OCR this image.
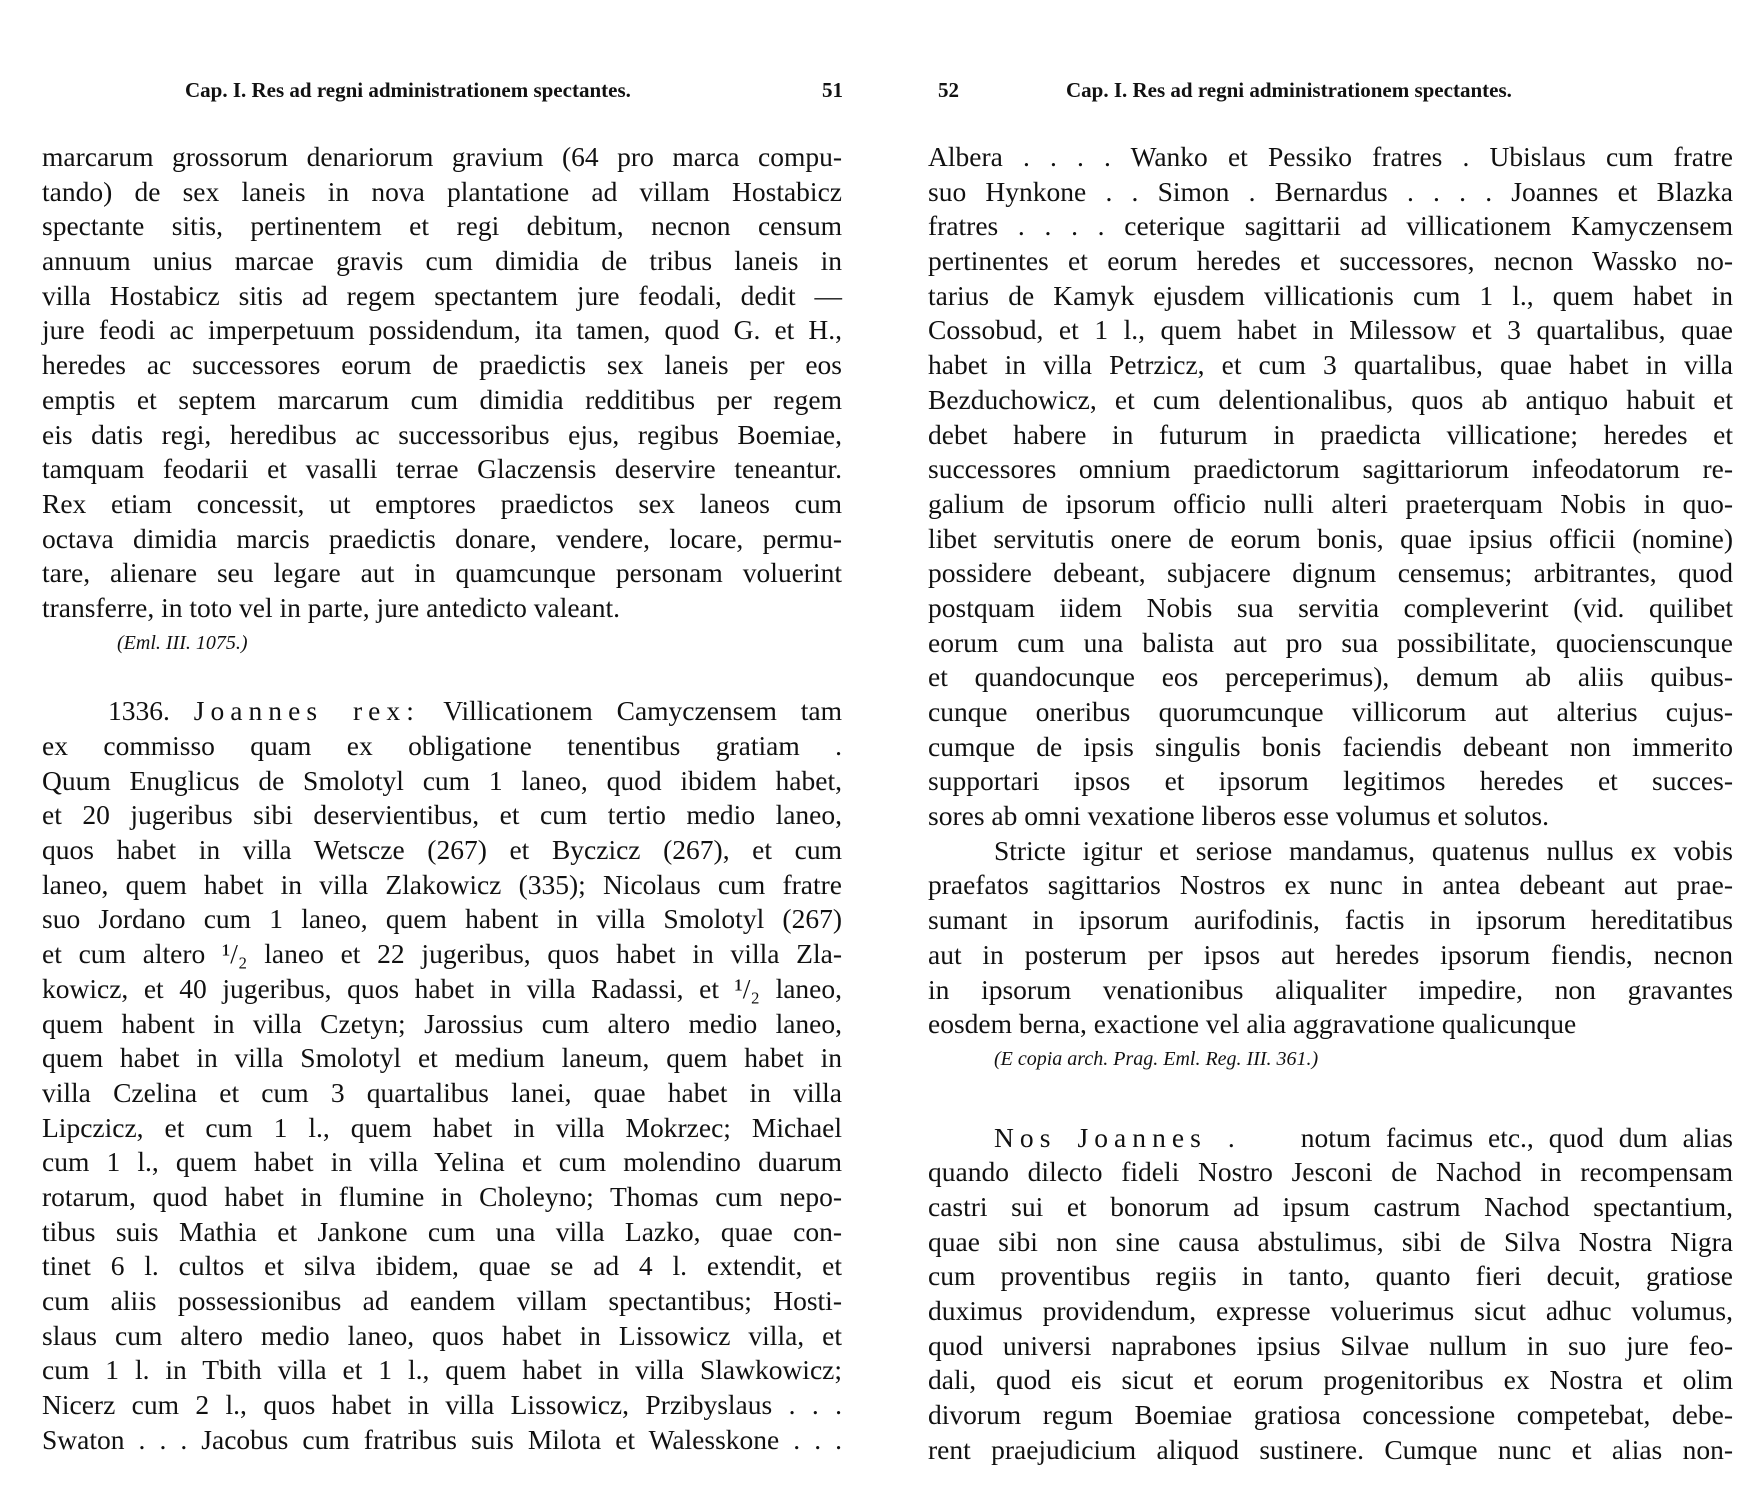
Cap. I. Res ad regni administrationem spectantes.	51
marcarum grossorum denariorum gravium (64 pro marca compu-
tando) de sex laneis in nova plantatione ad villam Hostabicz
spectante sitis, pertinentem et regi debitum, necnon censum
annuum unius marcae gravis cum dimidia de tribus laneis in
villa Hostabicz sitis ad regem spectantem jure feodali, dedit —
jure feodi ac imperpetuum possidendum, ita tamen, quod G. et H.,
heredes ac successores eorum de praedictis sex laneis per eos
emptis et septem marcarum cum dimidia redditibus per regem
eis datis regi, heredibus ac successoribus ejus, regibus Boemiae,
tamquam feodarii et vasalli terrae Glaczensis deservire teneantur.
Rex etiam concessit, ut emptores praedictos sex laneos cum
octava dimidia marcis praedictis donare, vendere, locare, permu-
tare, alienare seu legare aut in quamcunque personam voluerint
transferre, in toto vel in parte, jure antedicto valeant.
(Eml. III. 1075.)
1336. Joannes rex: Villicationem Camyczensem tam
ex commisso quam ex obligatione tenentibus gratiam .
Quum Enuglicus de Smolotyl cum 1 laneo, quod ibidem habet,
et 20 jugeribus sibi deservientibus, et cum tertio medio laneo,
quos habet in villa Wetscze (267) et Byczicz (267), et cum
laneo, quem habet in villa Zlakowicz (335); Nicolaus cum fratre
suo Jordano cum 1 laneo, quem habent in villa Smolotyl (267)
et cum altero ¹/₂ laneo et 22 jugeribus, quos habet in villa Zla-
kowicz, et 40 jugeribus, quos habet in villa Radassi, et ¹/₂ laneo,
quem habent in villa Czetyn; Jarossius cum altero medio laneo,
quem habet in villa Smolotyl et medium laneum, quem habet in
villa Czelina et cum 3 quartalibus lanei, quae habet in villa
Lipczicz, et cum 1 l., quem habet in villa Mokrzec; Michael
cum 1 l., quem habet in villa Yelina et cum molendino duarum
rotarum, quod habet in flumine in Choleyno; Thomas cum nepo-
tibus suis Mathia et Jankone cum una villa Lazko, quae con-
tinet 6 l. cultos et silva ibidem, quae se ad 4 l. extendit, et
cum aliis possessionibus ad eandem villam spectantibus; Hosti-
slaus cum altero medio laneo, quos habet in Lissowicz villa, et
cum 1 l. in Tbith villa et 1 l., quem habet in villa Slawkowicz;
Nicerz cum 2 l., quos habet in villa Lissowicz, Przibyslaus . . .
Swaton . . . Jacobus cum fratribus suis Milota et Walesskone . . .
52	Cap. I. Res ad regni administrationem spectantes.
Albera . . . . Wanko et Pessiko fratres . Ubislaus cum fratre
suo Hynkone . . Simon . Bernardus . . . . Joannes et Blazka
fratres . . . . ceterique sagittarii ad villicationem Kamyczensem
pertinentes et eorum heredes et successores, necnon Wassko no-
tarius de Kamyk ejusdem villicationis cum 1 l., quem habet in
Cossobud, et 1 l., quem habet in Milessow et 3 quartalibus, quae
habet in villa Petrzicz, et cum 3 quartalibus, quae habet in villa
Bezduchowicz, et cum delentionalibus, quos ab antiquo habuit et
debet habere in futurum in praedicta villicatione; heredes et
successores omnium praedictorum sagittariorum infeodatorum re-
galium de ipsorum officio nulli alteri praeterquam Nobis in quo-
libet servitutis onere de eorum bonis, quae ipsius officii (nomine)
possidere debeant, subjacere dignum censemus; arbitrantes, quod
postquam iidem Nobis sua servitia compleverint (vid. quilibet
eorum cum una balista aut pro sua possibilitate, quocienscunque
et quandocunque eos perceperimus), demum ab aliis quibus-
cunque oneribus quorumcunque villicorum aut alterius cujus-
cumque de ipsis singulis bonis faciendis debeant non immerito
supportari ipsos et ipsorum legitimos heredes et succes-
sores ab omni vexatione liberos esse volumus et solutos.
Stricte igitur et seriose mandamus, quatenus nullus ex vobis
praefatos sagittarios Nostros ex nunc in antea debeant aut prae-
sumant in ipsorum aurifodinis, factis in ipsorum hereditatibus
aut in posterum per ipsos aut heredes ipsorum fiendis, necnon
in ipsorum venationibus aliqualiter impedire, non gravantes
eosdem berna, exactione vel alia aggravatione qualicunque
(E copia arch. Prag. Eml. Reg. III. 361.)
Nos Joannes . notum facimus etc., quod dum alias
quando dilecto fideli Nostro Jesconi de Nachod in recompensam
castri sui et bonorum ad ipsum castrum Nachod spectantium,
quae sibi non sine causa abstulimus, sibi de Silva Nostra Nigra
cum proventibus regiis in tanto, quanto fieri decuit, gratiose
duximus providendum, expresse voluerimus sicut adhuc volumus,
quod universi naprabones ipsius Silvae nullum in suo jure feo-
dali, quod eis sicut et eorum progenitoribus ex Nostra et olim
divorum regum Boemiae gratiosa concessione competebat, debe-
rent praejudicium aliquod sustinere. Cumque nunc et alias non-
